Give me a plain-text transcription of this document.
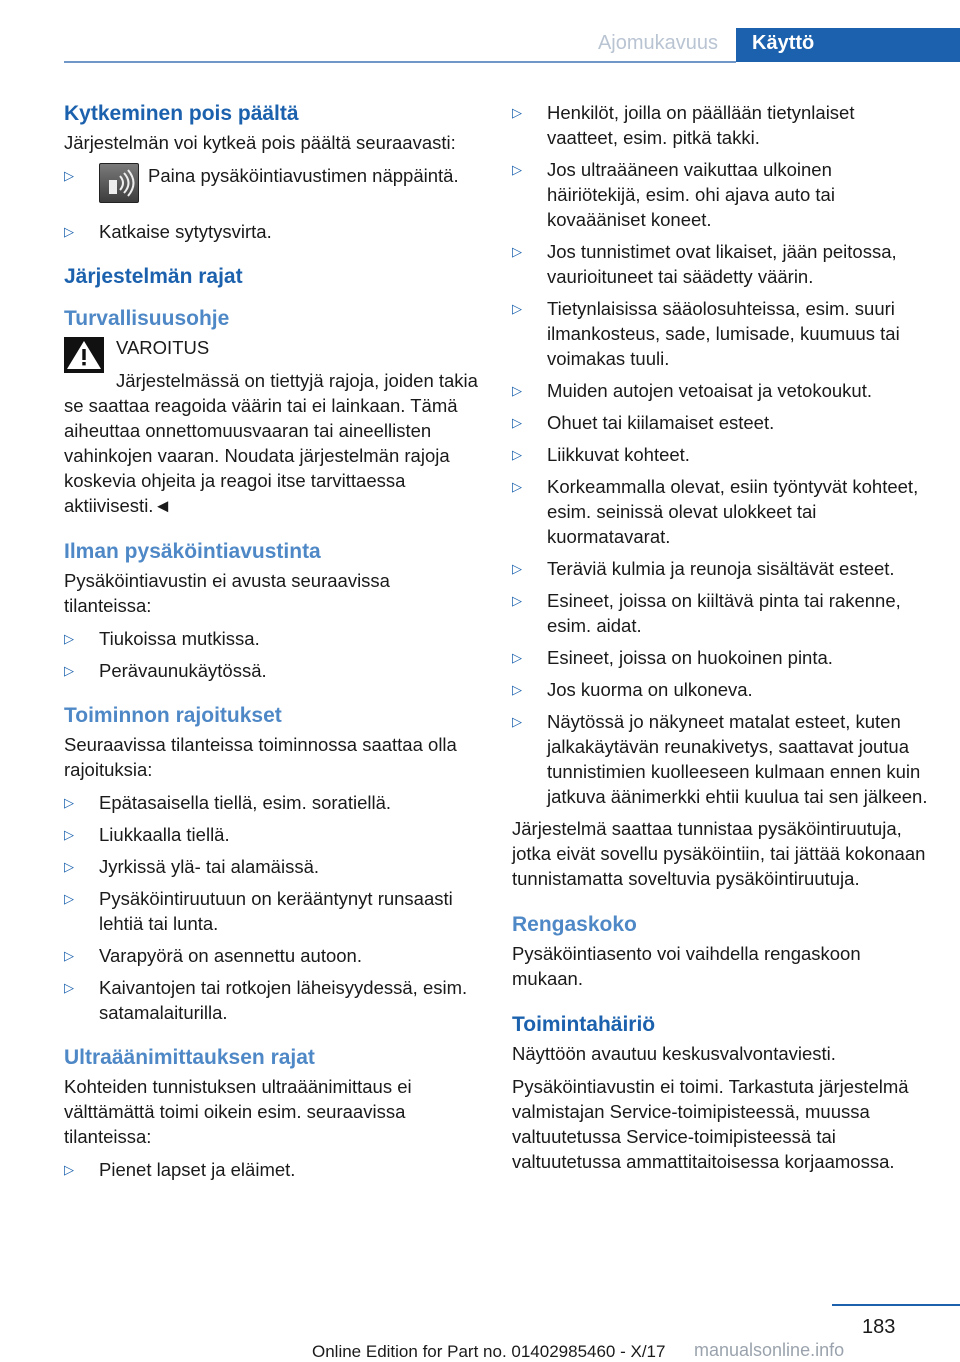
Ajomukavuus	Käyttö
Kytkeminen pois päältä

Järjestelmän voi kytkeä pois päältä seuraavasti:

▷	Paina pysäköintiavustimen näppäintä.
▷ Katkaise sytytysvirta.
Järjestelmän rajat
Turvallisuusohje
VAROITUS

Järjestelmässä on tiettyjä rajoja, joiden takia se saattaa reagoida väärin tai ei lainkaan. Tämä aiheuttaa onnettomuusvaaran tai aineellisten vahinkojen vaaran. Noudata järjestelmän rajoja koskevia ohjeita ja reagoi itse tarvittaessa aktiivisesti.◄

Ilman pysäköintiavustinta

Pysäköintiavustin ei avusta seuraavissa tilanteissa:

▷ Tiukoissa mutkissa.
▷ Perävaunukäytössä.
Toiminnon rajoitukset

Seuraavissa tilanteissa toiminnossa saattaa olla rajoituksia:

▷ Epätasaisella tiellä, esim. soratiellä.
▷ Liukkaalla tiellä.
▷ Jyrkissä ylä- tai alamäissä.
▷ Pysäköintiruutuun on kerääntynyt runsaasti lehtiä tai lunta.
▷ Varapyörä on asennettu autoon.
▷ Kaivantojen tai rotkojen läheisyydessä, esim. satamalaiturilla.
Ultraäänimittauksen rajat

Kohteiden tunnistuksen ultraäänimittaus ei välttämättä toimi oikein esim. seuraavissa tilanteissa:

▷ Pienet lapset ja eläimet.
▷ Henkilöt, joilla on päällään tietynlaiset vaatteet, esim. pitkä takki.
▷ Jos ultraääneen vaikuttaa ulkoinen häiriötekijä, esim. ohi ajava auto tai kovaääniset koneet.
▷ Jos tunnistimet ovat likaiset, jään peitossa, vaurioituneet tai säädetty väärin.
▷ Tietynlaisissa sääolosuhteissa, esim. suuri ilmankosteus, sade, lumisade, kuumuus tai voimakas tuuli.
▷ Muiden autojen vetoaisat ja vetokoukut.
▷ Ohuet tai kiilamaiset esteet.
▷ Liikkuvat kohteet.
▷ Korkeammalla olevat, esiin työntyvät kohteet, esim. seinissä olevat ulokkeet tai kuormatavarat.
▷ Teräviä kulmia ja reunoja sisältävät esteet.
▷ Esineet, joissa on kiiltävä pinta tai rakenne, esim. aidat.
▷ Esineet, joissa on huokoinen pinta.
▷ Jos kuorma on ulkoneva.
▷ Näytössä jo näkyneet matalat esteet, kuten jalkakäytävän reunakivetys, saattavat joutua tunnistimien kuolleeseen kulmaan ennen kuin jatkuva äänimerkki ehtii kuulua tai sen jälkeen.

Järjestelmä saattaa tunnistaa pysäköintiruutuja, jotka eivät sovellu pysäköintiin, tai jättää kokonaan tunnistamatta soveltuvia pysäköintiruutuja.

Rengaskoko

Pysäköintiasento voi vaihdella rengaskoon mukaan.

Toimintahäiriö

Näyttöön avautuu keskusvalvontaviesti.

Pysäköintiavustin ei toimi. Tarkastuta järjestelmä valmistajan Service-toimipisteessä, muussa valtuutetussa Service-toimipisteessä tai valtuutetussa ammattitaitoisessa korjaamossa.

183
Online Edition for Part no. 01402985460 - X/17 manualsonline.info
